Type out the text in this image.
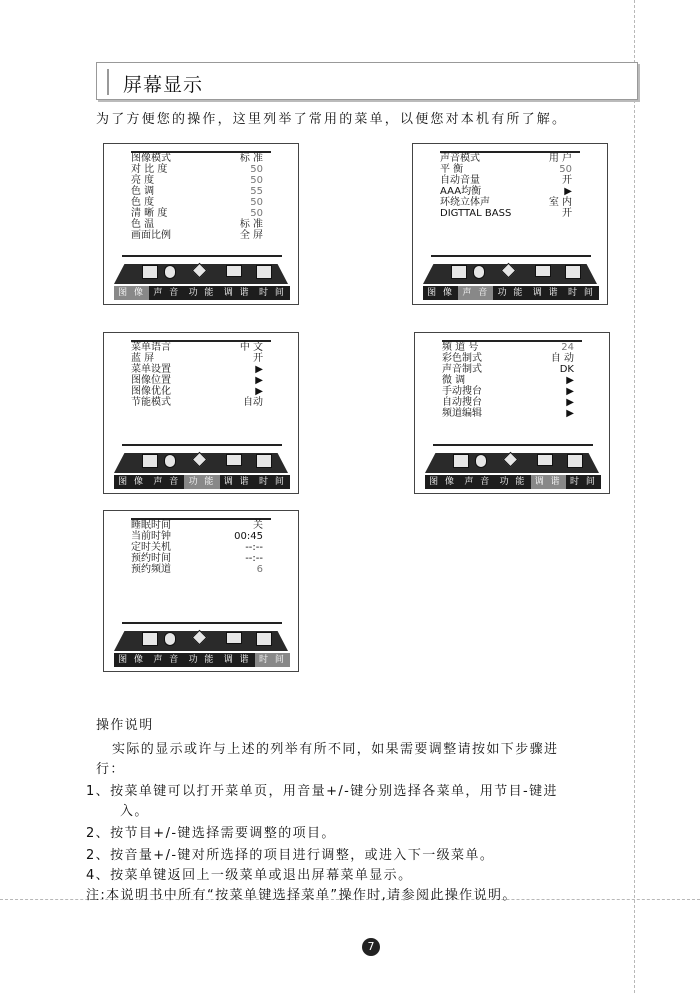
屏幕显示
为了方便您的操作，这里列举了常用的菜单，以便您对本机有所了解。
图像模式	标 准
对 比 度	50
亮 度	50
色 调	55
色 度	50
清 晰 度	50
色 温	标 准
画面比例	全 屏
图 像 声 音 功 能 调 谐 时 间
声音模式	用 户
平 衡	50
自动音量	开
AAA均衡	▶
环绕立体声	室 内
DIGTTAL BASS	开
图 像 声 音 功 能 调 谐 时 间
菜单语言	中 文
蓝 屏	开
菜单设置	▶
图像位置	▶
图像优化	▶
节能模式	自动
图 像 声 音 功 能 调 谐 时 间
频 道 号	24
彩色制式	自 动
声音制式	DK
微 调	▶
手动搜台	▶
自动搜台	▶
频道编辑	▶
图 像 声 音 功 能 调 谐 时 间
睡眠时间	关
当前时钟	00:45
定时关机	--:--
预约时间	--:--
预约频道	6
图 像 声 音 功 能 调 谐 时 间
操作说明
实际的显示或许与上述的列举有所不同，如果需要调整请按如下步骤进
行：
1、按菜单键可以打开菜单页，用音量+/-键分别选择各菜单，用节目-键进
入。
2、按节目+/-键选择需要调整的项目。
2、按音量+/-键对所选择的项目进行调整，或进入下一级菜单。
4、按菜单键返回上一级菜单或退出屏幕菜单显示。
注:本说明书中所有“按菜单键选择菜单”操作时,请参阅此操作说明。
7
